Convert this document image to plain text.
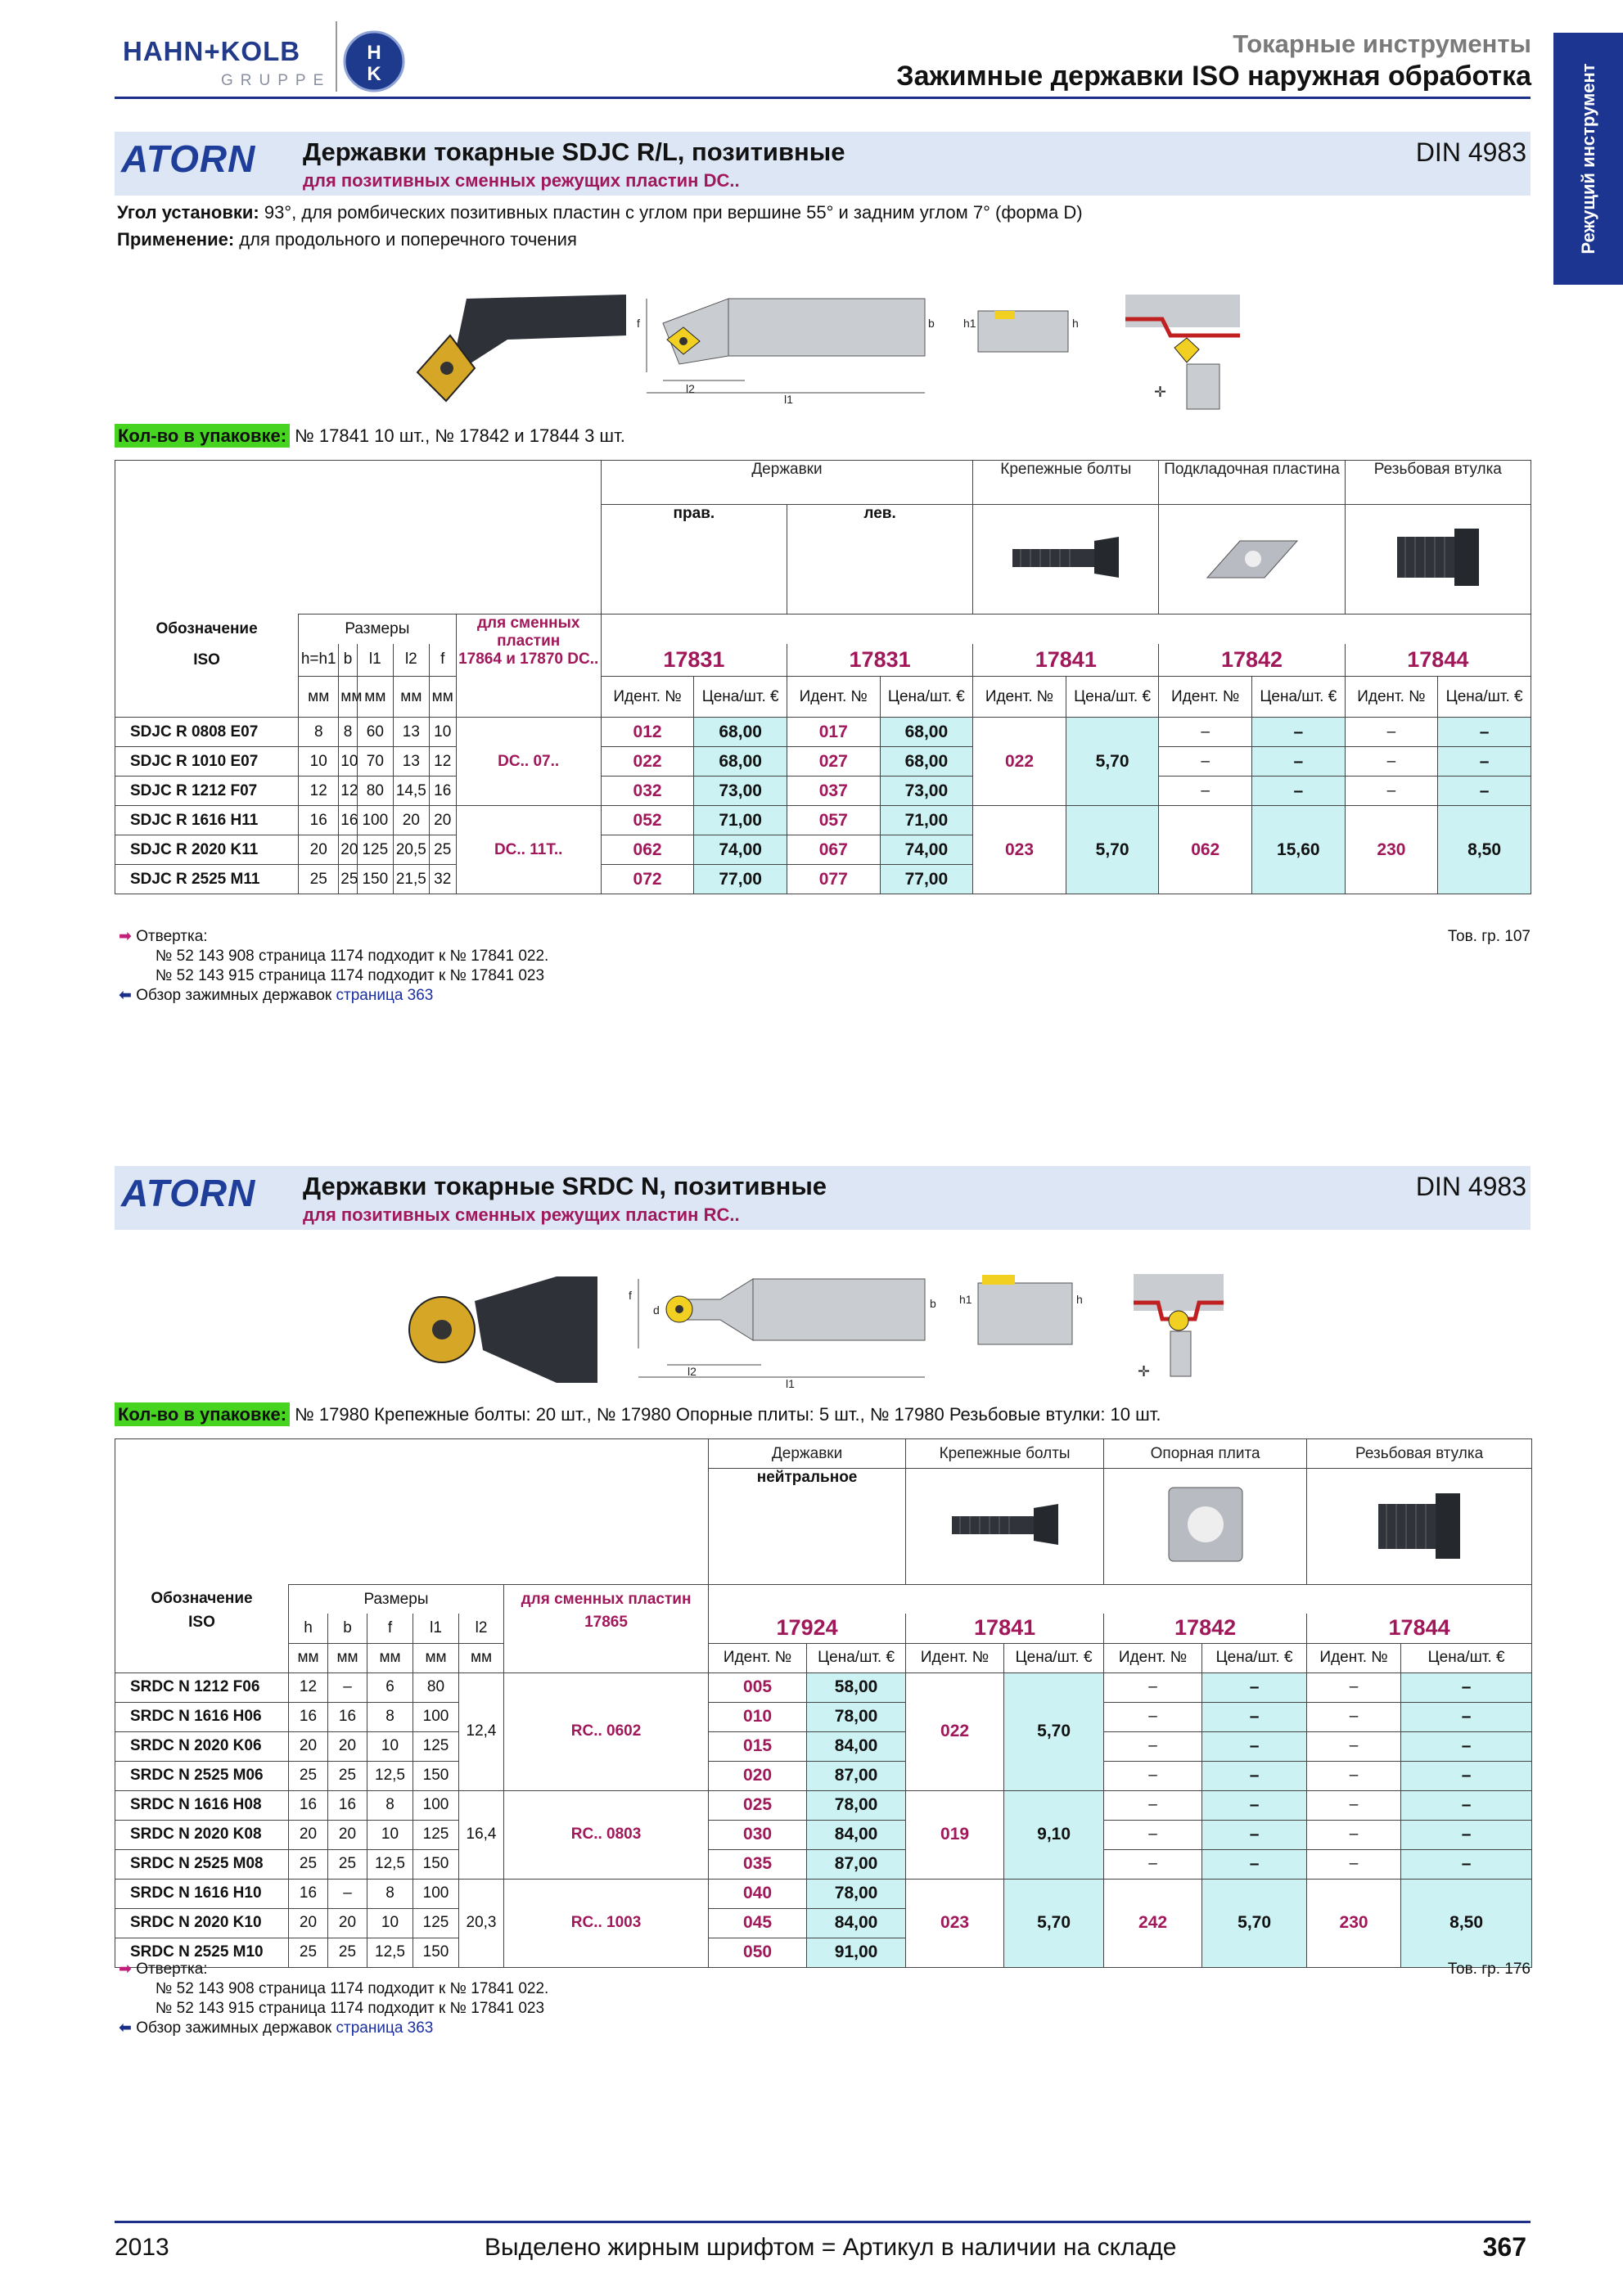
HAHN+KOLB
GRUPPE
H
K
Токарные инструменты
Зажимные державки ISO наружная обработка	Режущий инструмент
ATORN Державки токарные SDJC R/L, позитивные
для позитивных сменных режущих пластин DC..
DIN 4983
Угол установки: 93°, для ромбических позитивных пластин с углом при вершине 55° и задним углом 7° (форма D)
Применение: для продольного и поперечного точения
f	b
l2
l1
h1	h
✛
Кол-во в упаковке: № 17841 10 шт., № 17842 и 17844 3 шт.
							Державки				Крепежные болты		Подкладочная пластина		Резьбовая втулка	
							прав.		лев.			
Обозначение	Размеры					для сменных пластин
17864 и 17870 DC..										
ISO	h=h1	b	l1	l2	f		17831		17831		17841		17842		17844	
	мм	мм	мм	мм	мм		Идент. №	Цена/шт. €	Идент. №	Цена/шт. €	Идент. №	Цена/шт. €	Идент. №	Цена/шт. €	Идент. №	Цена/шт. €
SDJC R 0808 E07	8	8	60	13	10	DC.. 07..	012	68,00	017	68,00	022	5,70	–	–	–	–
SDJC R 1010 E07	10	10	70	13	12		022	68,00	027	68,00			–	–	–	–
SDJC R 1212 F07	12	12	80	14,5	16		032	73,00	037	73,00			–	–	–	–
SDJC R 1616 H11	16	16	100	20	20	DC.. 11T..	052	71,00	057	71,00	023	5,70	062	15,60	230	8,50
SDJC R 2020 K11	20	20	125	20,5	25		062	74,00	067	74,00						
SDJC R 2525 M11	25	25	150	21,5	32		072	77,00	077	77,00						
➡ Отвертка:	Тов. гр. 107
№ 52 143 908 страница 1174 подходит к № 17841 022.
№ 52 143 915 страница 1174 подходит к № 17841 023
⬅ Обзор зажимных державок страница 363
ATORN Державки токарные SRDC N, позитивные
для позитивных сменных режущих пластин RC..
DIN 4983
f
d	b
l2
l1
h1	h
✛
Кол-во в упаковке: № 17980 Крепежные болты: 20 шт., № 17980 Опорные плиты: 5 шт., № 17980 Резьбовые втулки: 10 шт.
							Державки		Крепежные болты		Опорная плита		Резьбовая втулка	
							нейтральное			
Обозначение	Размеры					для сменных пластин								
ISO	h	b	f	l1	l2	17865	17924		17841		17842		17844	
	мм	мм	мм	мм	мм		Идент. №	Цена/шт. €	Идент. №	Цена/шт. €	Идент. №	Цена/шт. €	Идент. №	Цена/шт. €
SRDC N 1212 F06	12	–	6	80	12,4	RC.. 0602	005	58,00	022	5,70	–	–	–	–
SRDC N 1616 H06	16	16	8	100			010	78,00			–	–	–	–
SRDC N 2020 K06	20	20	10	125			015	84,00			–	–	–	–
SRDC N 2525 M06	25	25	12,5	150			020	87,00			–	–	–	–
SRDC N 1616 H08	16	16	8	100	16,4	RC.. 0803	025	78,00	019	9,10	–	–	–	–
SRDC N 2020 K08	20	20	10	125			030	84,00			–	–	–	–
SRDC N 2525 M08	25	25	12,5	150			035	87,00			–	–	–	–
SRDC N 1616 H10	16	–	8	100	20,3	RC.. 1003	040	78,00	023	5,70	242	5,70	230	8,50
SRDC N 2020 K10	20	20	10	125			045	84,00						
SRDC N 2525 M10	25	25	12,5	150			050	91,00						
➡ Отвертка:	Тов. гр. 176
№ 52 143 908 страница 1174 подходит к № 17841 022.
№ 52 143 915 страница 1174 подходит к № 17841 023
⬅ Обзор зажимных державок страница 363
2013	Выделено жирным шрифтом = Артикул в наличии на складе	367
